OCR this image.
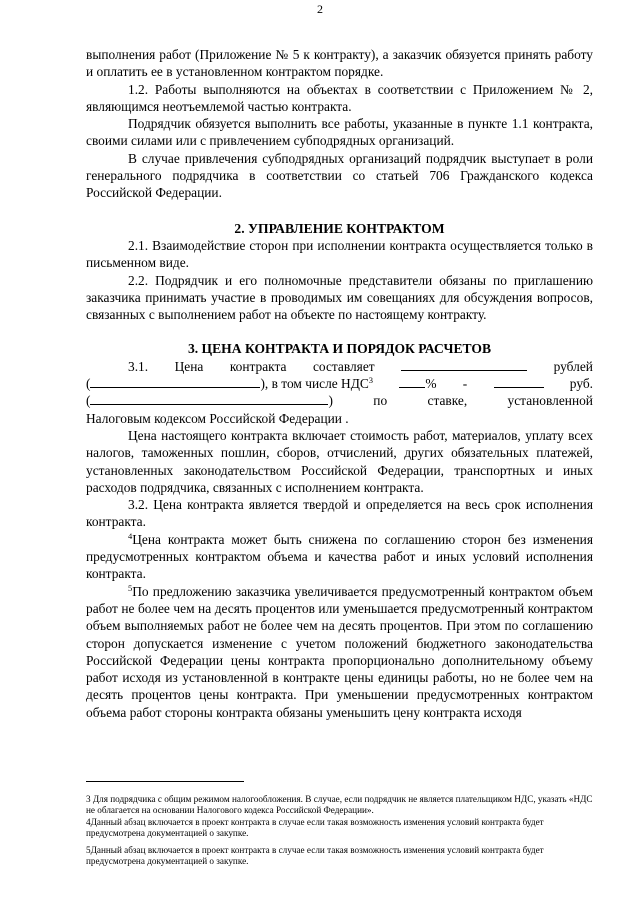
2

выполнения работ (Приложение № 5 к контракту), а заказчик обязуется принять работу и оплатить ее в установленном контрактом порядке.

1.2. Работы выполняются на объектах в соответствии с Приложением № 2, являющимся неотъемлемой частью контракта.

Подрядчик обязуется выполнить все работы, указанные в пункте 1.1 контракта, своими силами или с привлечением субподрядных организаций.

В случае привлечения субподрядных организаций подрядчик выступает в роли генерального подрядчика в соответствии со статьей 706 Гражданского кодекса Российской Федерации.

2. УПРАВЛЕНИЕ КОНТРАКТОМ

2.1. Взаимодействие сторон при исполнении контракта осуществляется только в письменном виде.

2.2. Подрядчик и его полномочные представители обязаны по приглашению заказчика принимать участие в проводимых им совещаниях для обсуждения вопросов, связанных с выполнением работ на объекте по настоящему контракту.

3. ЦЕНА КОНТРАКТА И ПОРЯДОК РАСЧЕТОВ
3.1. Цена контракта составляет	рублей
(	), в том числе НДС$^3$	% -	руб.
(	)	по	ставке,	установленной

Налоговым кодексом Российской Федерации .

Цена настоящего контракта включает стоимость работ, материалов, уплату всех налогов, таможенных пошлин, сборов, отчислений, других обязательных платежей, установленных законодательством Российской Федерации, транспортных и иных расходов подрядчика, связанных с исполнением контракта.

3.2. Цена контракта является твердой и определяется на весь срок исполнения контракта.

$^4$Цена контракта может быть снижена по соглашению сторон без изменения предусмотренных контрактом объема и качества работ и иных условий исполнения контракта.

$^5$По предложению заказчика увеличивается предусмотренный контрактом объем работ не более чем на десять процентов или уменьшается предусмотренный контрактом объем выполняемых работ не более чем на десять процентов. При этом по соглашению сторон допускается изменение с учетом положений бюджетного законодательства Российской Федерации цены контракта пропорционально дополнительному объему работ исходя из установленной в контракте цены единицы работы, но не более чем на десять процентов цены контракта. При уменьшении предусмотренных контрактом объема работ стороны контракта обязаны уменьшить цену контракта исходя

3 Для подрядчика с общим режимом налогообложения. В случае, если подрядчик не является плательщиком НДС, указать «НДС не облагается на основании Налогового кодекса Российской Федерации».

4Данный абзац включается в проект контракта в случае если такая возможность изменения условий контракта будет предусмотрена документацией о закупке.

5Данный абзац включается в проект контракта в случае если такая возможность изменения условий контракта будет предусмотрена документацией о закупке.
